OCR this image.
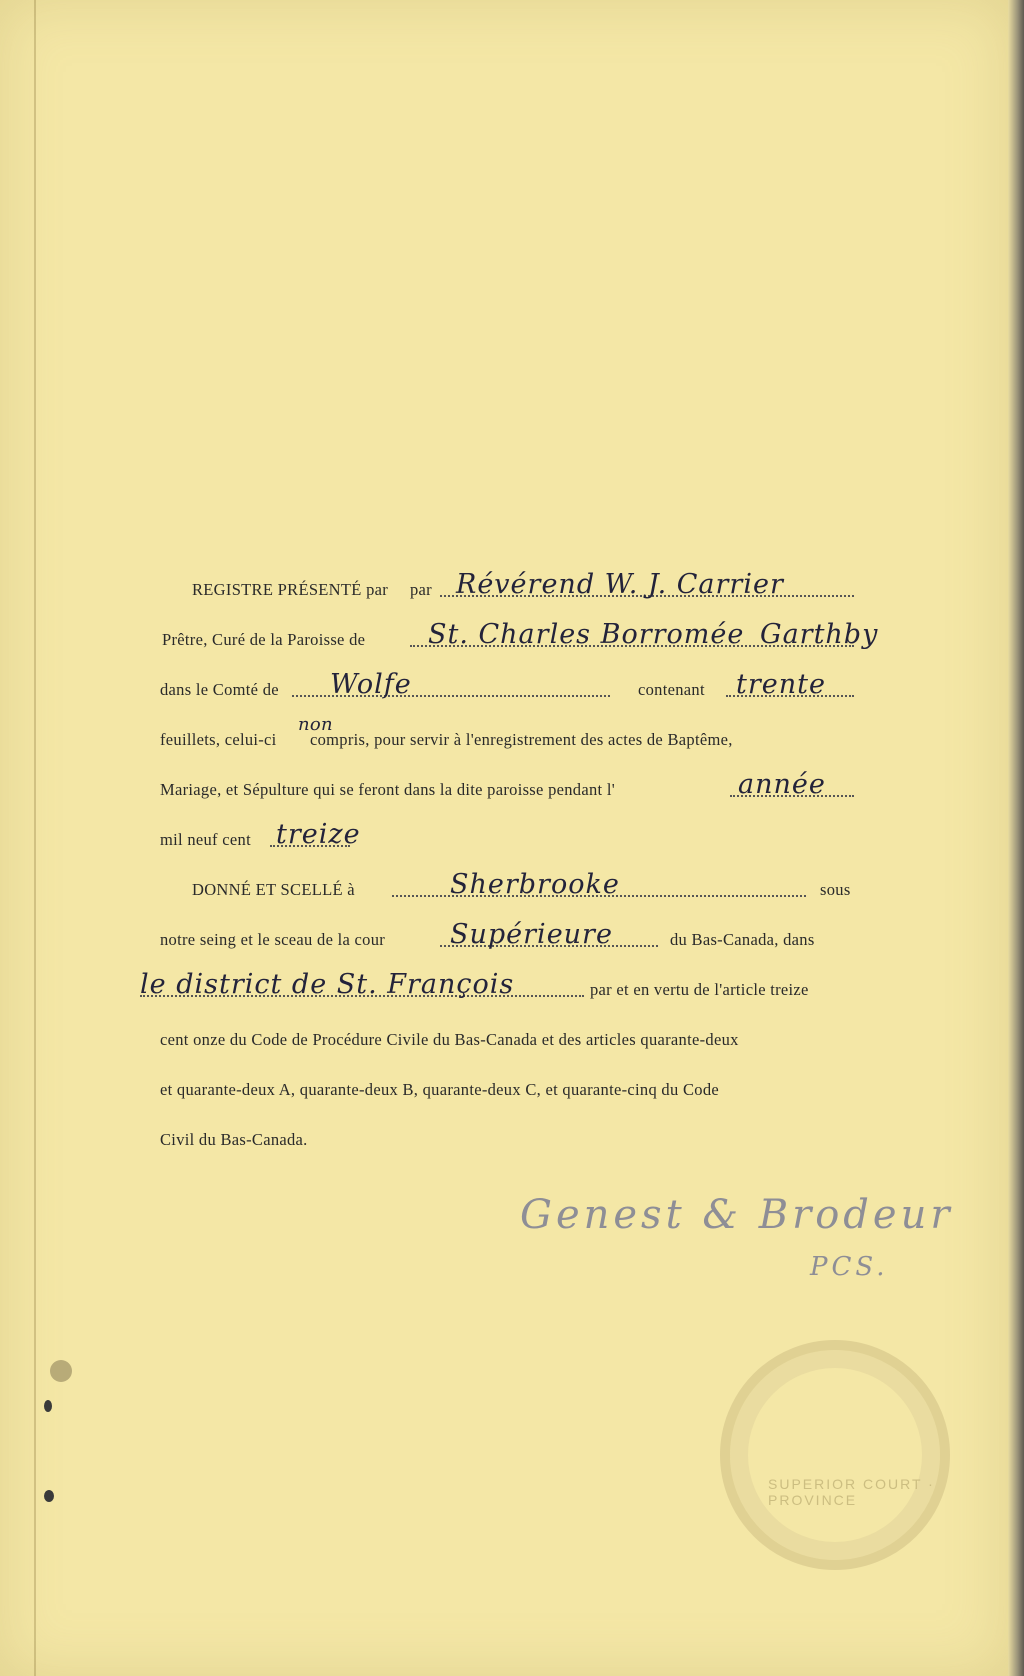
REGISTRE PRÉSENTÉ par par Révérend W. J. Carrier
Prêtre, Curé de la Paroisse de St. Charles Borromée Garthby
dans le Comté de Wolfe	contenant trente
feuillets, celui-ci
non
compris, pour servir à l'enregistrement des actes de Baptême,
Mariage, et Sépulture qui se feront dans la dite paroisse pendant l'	année
mil neuf cent treize
DONNÉ ET SCELLÉ à	Sherbrooke	sous
notre seing et le sceau de la cour Supérieure	du Bas-Canada, dans
le district de St. François	par et en vertu de l'article treize
cent onze du Code de Procédure Civile du Bas-Canada et des articles quarante-deux
et quarante-deux A, quarante-deux B, quarante-deux C, et quarante-cinq du Code
Civil du Bas-Canada.
Genest & Brodeur
PCS.
SUPERIOR COURT · PROVINCE
